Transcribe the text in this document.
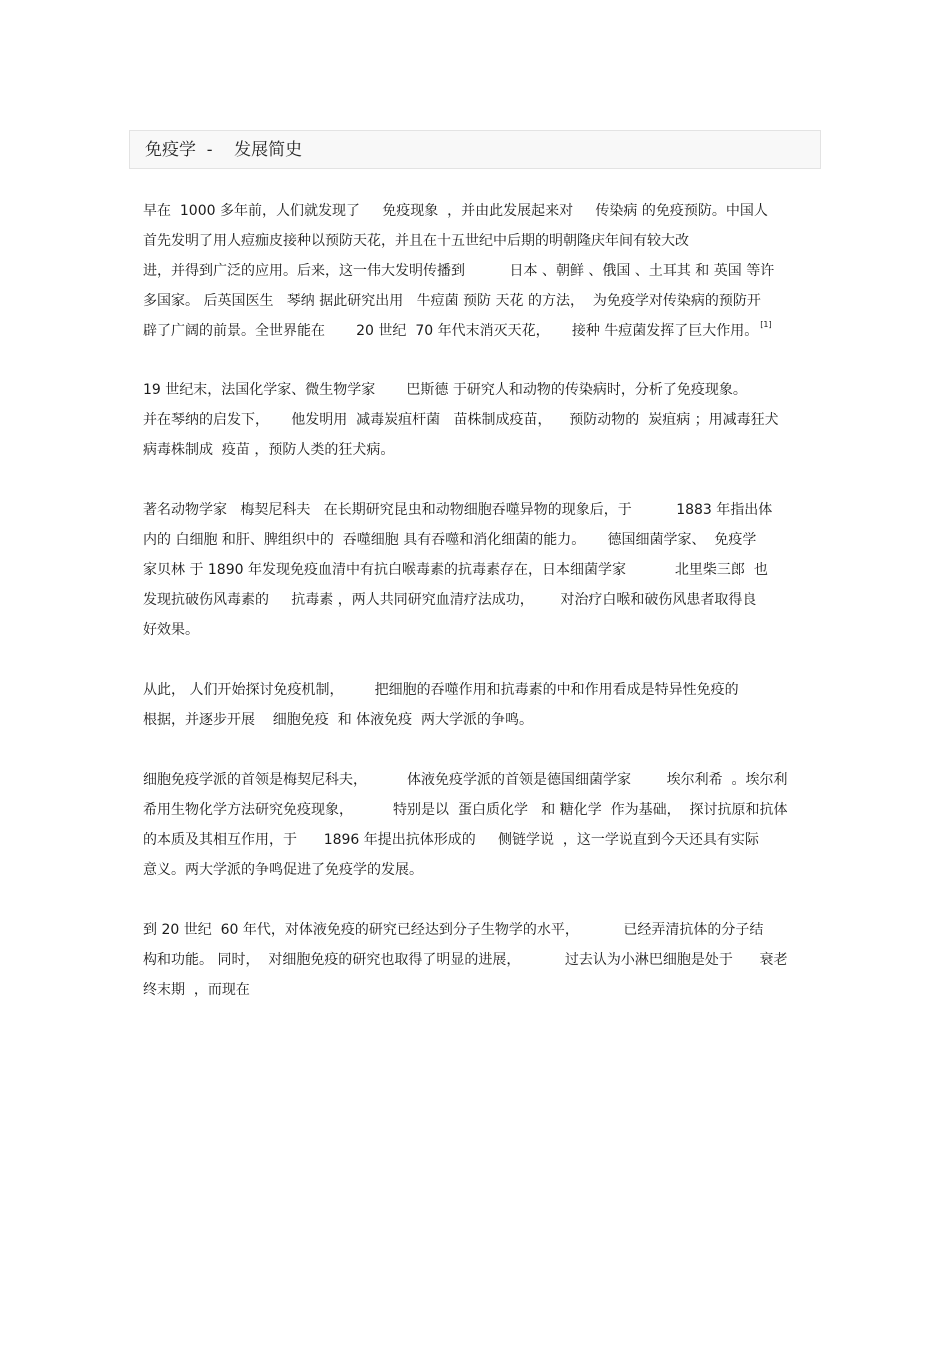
免疫学  -    发展简史
早在  1000 多年前，人们就发现了     免疫现象  ，并由此发展起来对     传染病 的免疫预防。中国人
首先发明了用人痘痂皮接种以预防天花，并且在十五世纪中后期的明朝隆庆年间有较大改
进，并得到广泛的应用。后来，这一伟大发明传播到          日本 、朝鲜 、俄国 、土耳其 和 英国 等许
多国家。 后英国医生   琴纳 据此研究出用   牛痘菌 预防 天花 的方法，  为免疫学对传染病的预防开
辟了广阔的前景。全世界能在       20 世纪  70 年代末消灭天花，     接种 牛痘菌发挥了巨大作用。 [1]
19 世纪末，法国化学家、微生物学家       巴斯德 于研究人和动物的传染病时，分析了免疫现象。
并在琴纳的启发下，     他发明用  减毒炭疽杆菌   苗株制成疫苗，    预防动物的  炭疽病 ；用减毒狂犬
病毒株制成  疫苗 ，预防人类的狂犬病。
著名动物学家   梅契尼科夫   在长期研究昆虫和动物细胞吞噬异物的现象后，于          1883 年指出体
内的 白细胞 和肝、脾组织中的  吞噬细胞 具有吞噬和消化细菌的能力。     德国细菌学家、  免疫学
家贝林 于 1890 年发现免疫血清中有抗白喉毒素的抗毒素存在，日本细菌学家           北里柴三郎  也
发现抗破伤风毒素的     抗毒素 ，两人共同研究血清疗法成功，      对治疗白喉和破伤风患者取得良
好效果。
从此， 人们开始探讨免疫机制，       把细胞的吞噬作用和抗毒素的中和作用看成是特异性免疫的
根据，并逐步开展    细胞免疫  和 体液免疫  两大学派的争鸣。
细胞免疫学派的首领是梅契尼科夫，         体液免疫学派的首领是德国细菌学家        埃尔利希  。埃尔利
希用生物化学方法研究免疫现象，         特别是以  蛋白质化学   和 糖化学  作为基础，  探讨抗原和抗体
的本质及其相互作用，于      1896 年提出抗体形成的     侧链学说  ，这一学说直到今天还具有实际
意义。两大学派的争鸣促进了免疫学的发展。
到 20 世纪  60 年代，对体液免疫的研究已经达到分子生物学的水平，          已经弄清抗体的分子结
构和功能。 同时，  对细胞免疫的研究也取得了明显的进展，          过去认为小淋巴细胞是处于      衰老
终末期  ，而现在
